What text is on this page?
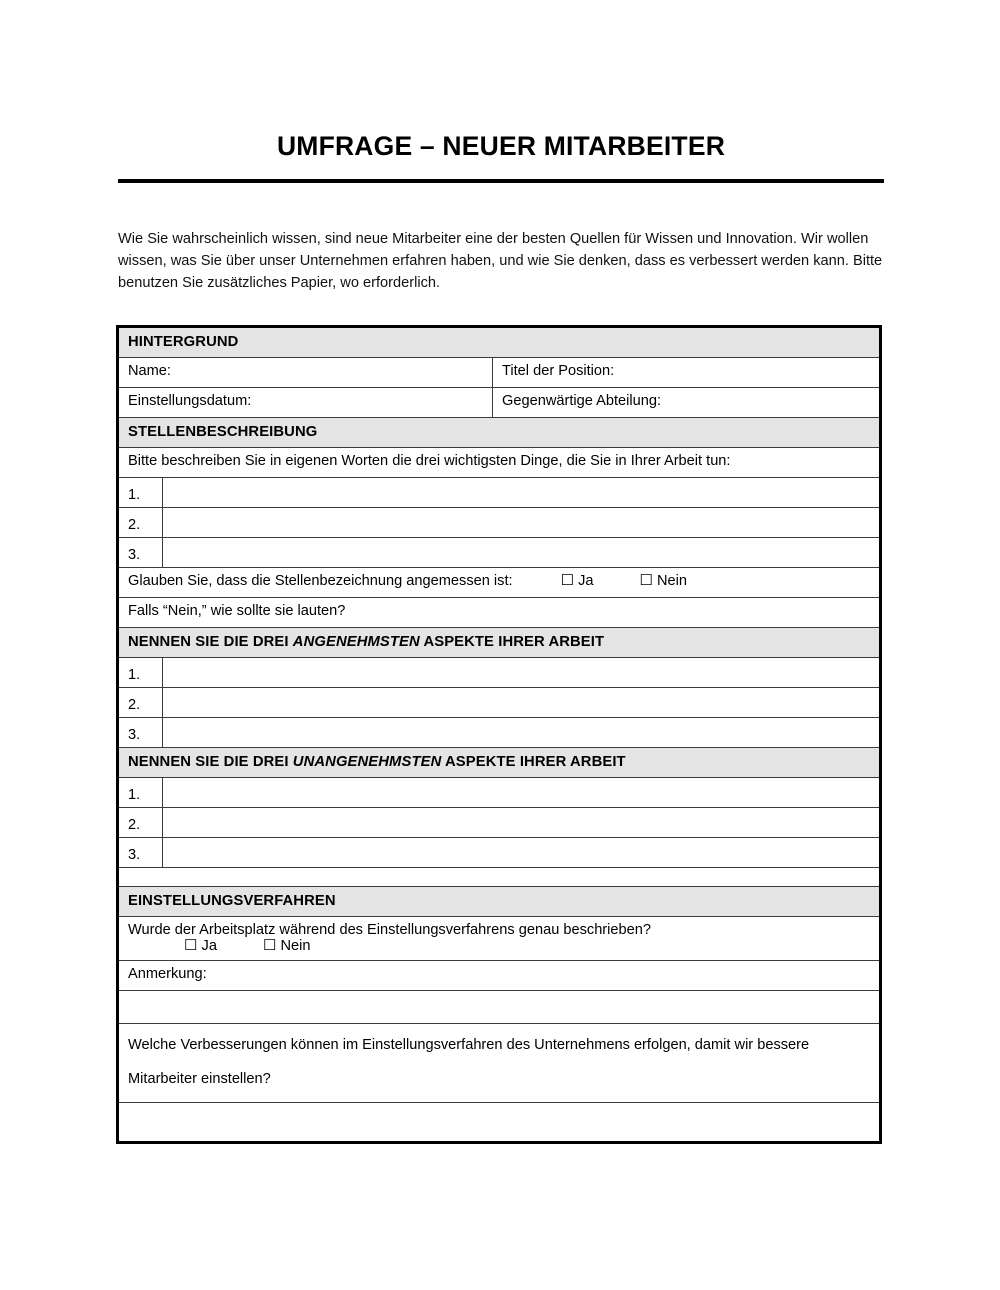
UMFRAGE – NEUER MITARBEITER
Wie Sie wahrscheinlich wissen, sind neue Mitarbeiter eine der besten Quellen für Wissen und Innovation. Wir wollen wissen, was Sie über unser Unternehmen erfahren haben, und wie Sie denken, dass es verbessert werden kann. Bitte benutzen Sie zusätzliches Papier, wo erforderlich.
HINTERGRUND
Name:	Titel der Position:
Einstellungsdatum:	Gegenwärtige Abteilung:
STELLENBESCHREIBUNG
Bitte beschreiben Sie in eigenen Worten die drei wichtigsten Dinge, die Sie in Ihrer Arbeit tun:
1.
2.
3.
Glauben Sie, dass die Stellenbezeichnung angemessen ist:	☐ Ja	☐ Nein
Falls “Nein,” wie sollte sie lauten?
NENNEN SIE DIE DREI ANGENEHMSTEN ASPEKTE IHRER ARBEIT
1.
2.
3.
NENNEN SIE DIE DREI UNANGENEHMSTEN ASPEKTE IHRER ARBEIT
1.
2.
3.
EINSTELLUNGSVERFAHREN
Wurde der Arbeitsplatz während des Einstellungsverfahrens genau beschrieben?
☐ Ja	☐ Nein
Anmerkung:
Welche Verbesserungen können im Einstellungsverfahren des Unternehmens erfolgen, damit wir bessere Mitarbeiter einstellen?
